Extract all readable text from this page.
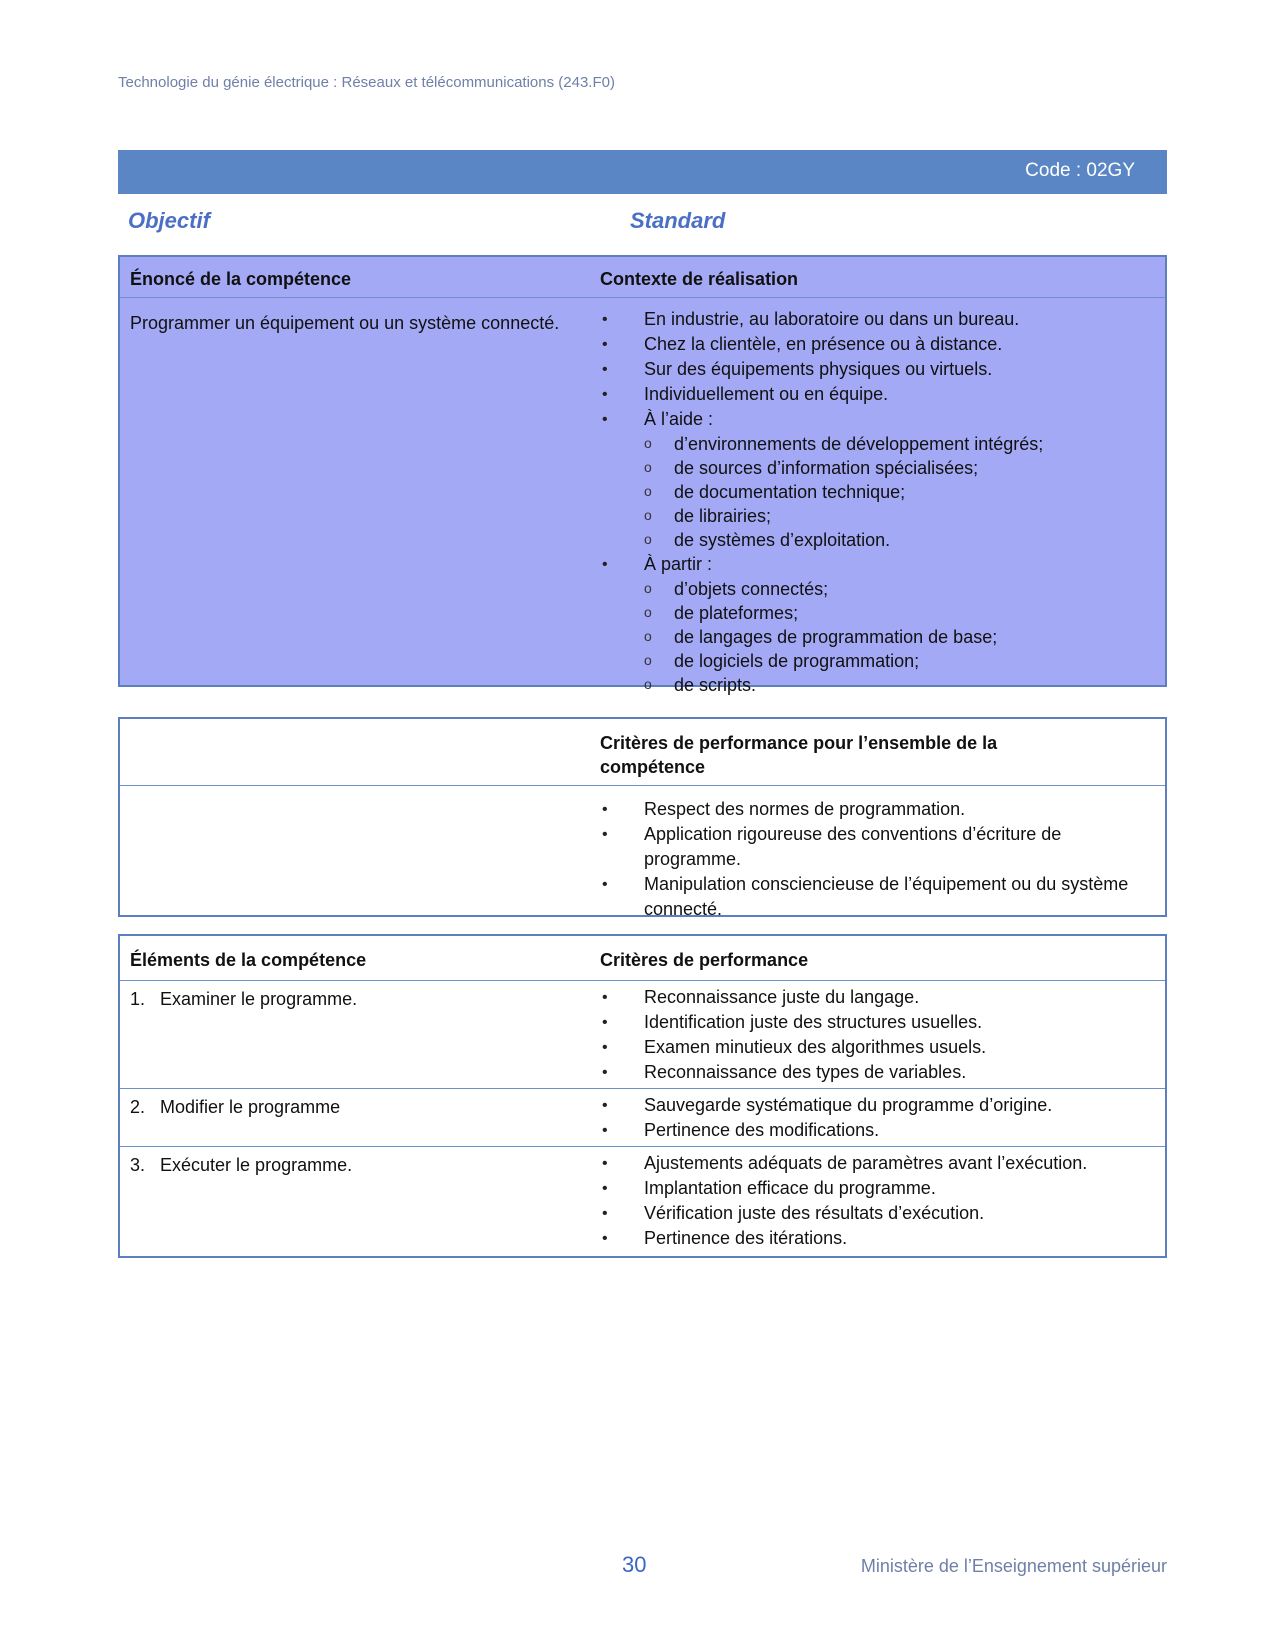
Technologie du génie électrique : Réseaux et télécommunications (243.F0)
Code : 02GY
Objectif	Standard
Énoncé de la compétence	Contexte de réalisation
Programmer un équipement ou un système connecté.	• En industrie, au laboratoire ou dans un bureau.
• Chez la clientèle, en présence ou à distance.
• Sur des équipements physiques ou virtuels.
• Individuellement ou en équipe.
• À l’aide :
o d’environnements de développement intégrés;
o de sources d’information spécialisées;
o de documentation technique;
o de librairies;
o de systèmes d’exploitation.
• À partir :
o d’objets connectés;
o de plateformes;
o de langages de programmation de base;
o de logiciels de programmation;
o de scripts.
Critères de performance pour l’ensemble de la compétence
• Respect des normes de programmation.
• Application rigoureuse des conventions d’écriture de programme.
• Manipulation consciencieuse de l’équipement ou du système connecté.
Éléments de la compétence	Critères de performance
1.   Examiner le programme.	• Reconnaissance juste du langage.
• Identification juste des structures usuelles.
• Examen minutieux des algorithmes usuels.
• Reconnaissance des types de variables.
2.   Modifier le programme	• Sauvegarde systématique du programme d’origine.
• Pertinence des modifications.
3.   Exécuter le programme.	• Ajustements adéquats de paramètres avant l’exécution.
• Implantation efficace du programme.
• Vérification juste des résultats d’exécution.
• Pertinence des itérations.
30	Ministère de l’Enseignement supérieur
